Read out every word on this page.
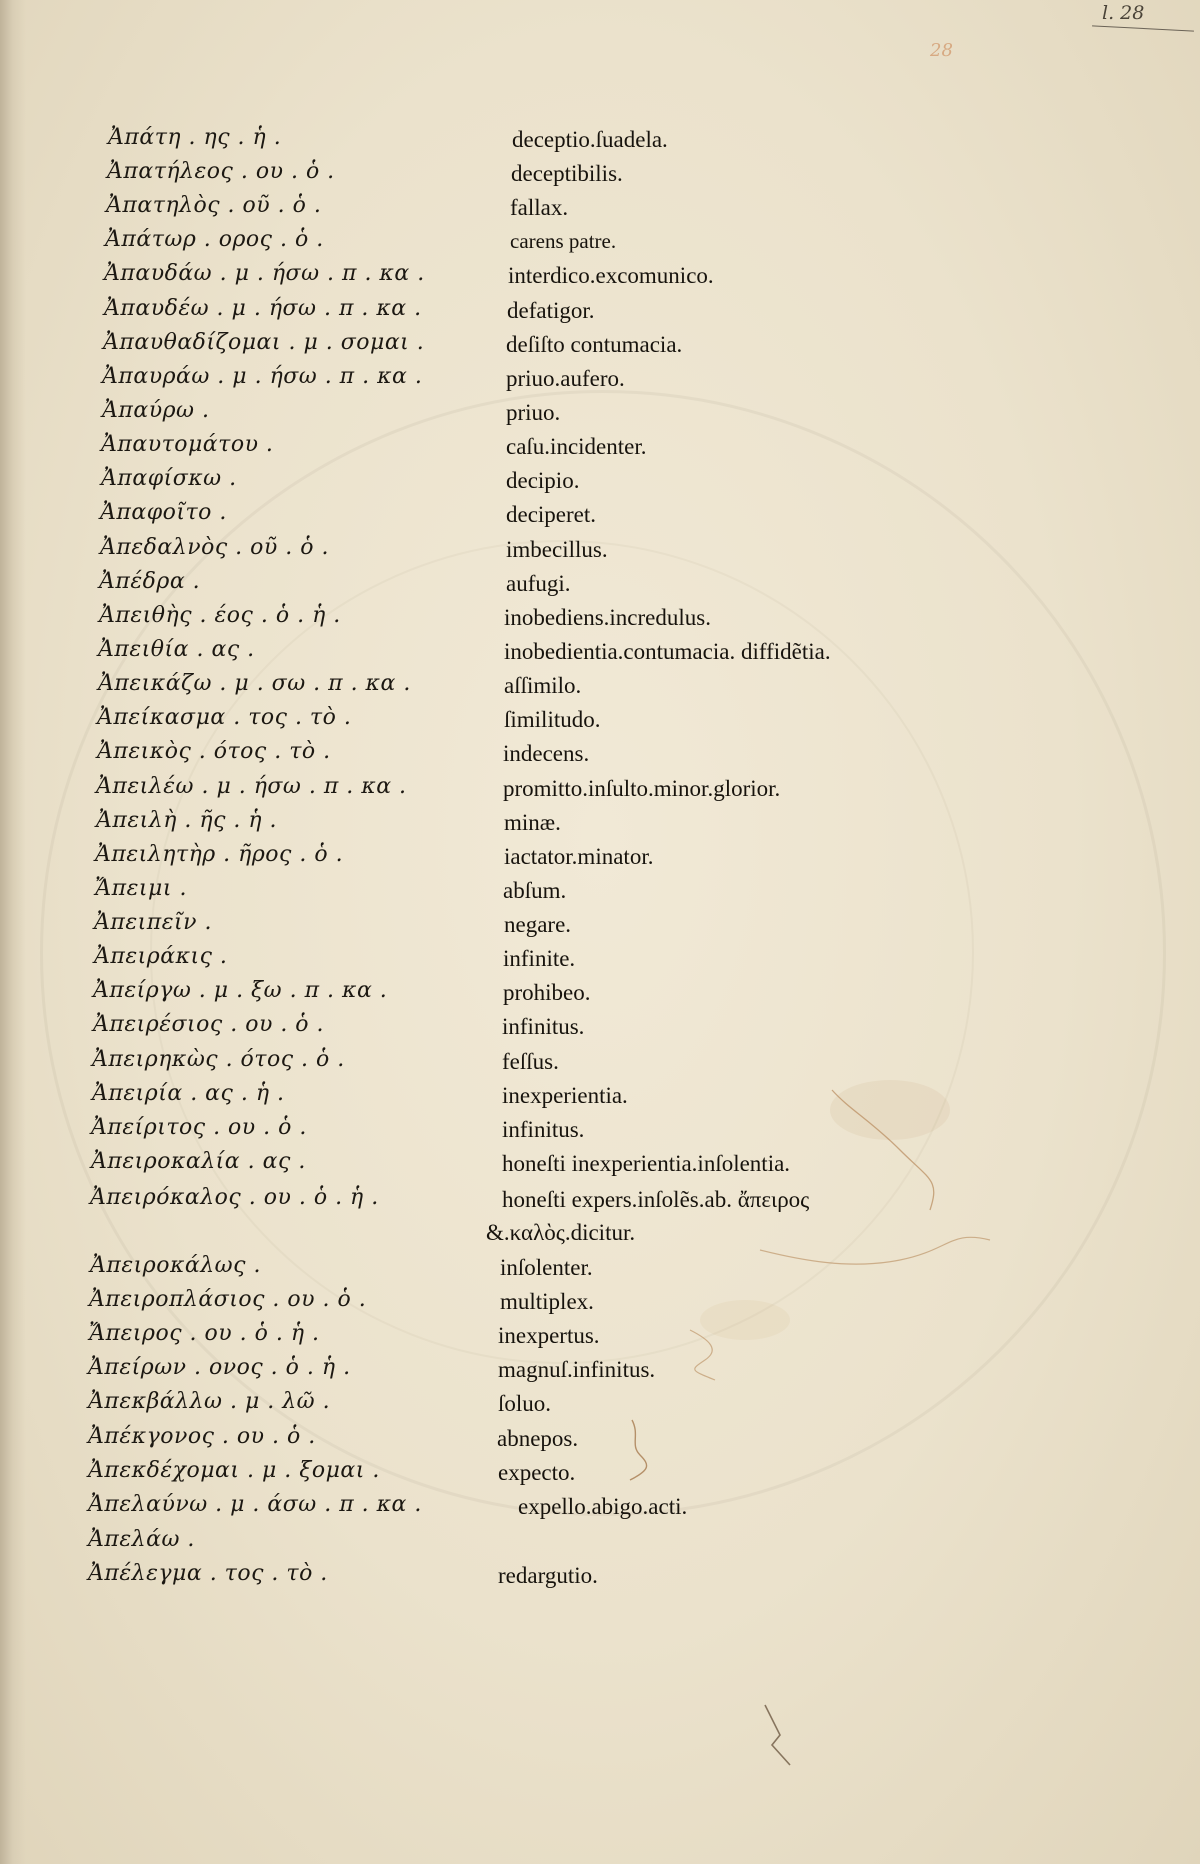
l. 28
28
Ἀπάτη . ης . ἡ .	deceptio.ſuadela.
Ἀπατήλεος . ου . ὁ .	deceptibilis.
Ἀπατηλὸς . οῦ . ὁ .	fallax.
Ἀπάτωρ . ορος . ὁ .	carens patre.
Ἀπαυδάω . μ . ήσω . π . κα .	interdico.excomunico.
Ἀπαυδέω . μ . ήσω . π . κα .	defatigor.
Ἀπαυθαδίζομαι . μ . σομαι .	deſiſto contumacia.
Ἀπαυράω . μ . ήσω . π . κα .	priuo.aufero.
Ἀπαύρω .	priuo.
Ἀπαυτομάτου .	caſu.incidenter.
Ἀπαφίσκω .	decipio.
Ἀπαφοῖτο .	deciperet.
Ἀπεδαλνὸς . οῦ . ὁ .	imbecillus.
Ἀπέδρα .	aufugi.
Ἀπειθὴς . έος . ὁ . ἡ .	inobediens.incredulus.
Ἀπειθία . ας .	inobedientia.contumacia. diffidẽtia.
Ἀπεικάζω . μ . σω . π . κα .	aſſimilo.
Ἀπείκασμα . τος . τὸ .	ſimilitudo.
Ἀπεικὸς . ότος . τὸ .	indecens.
Ἀπειλέω . μ . ήσω . π . κα .	promitto.inſulto.minor.glorior.
Ἀπειλὴ . ῆς . ἡ .	minæ.
Ἀπειλητὴρ . ῆρος . ὁ .	iactator.minator.
Ἄπειμι .	abſum.
Ἀπειπεῖν .	negare.
Ἀπειράκις .	infinite.
Ἀπείργω . μ . ξω . π . κα .	prohibeo.
Ἀπειρέσιος . ου . ὁ .	infinitus.
Ἀπειρηκὼς . ότος . ὁ .	feſſus.
Ἀπειρία . ας . ἡ .	inexperientia.
Ἀπείριτος . ου . ὁ .	infinitus.
Ἀπειροκαλία . ας .	honeſti inexperientia.inſolentia.
Ἀπειρόκαλος . ου . ὁ . ἡ .	honeſti expers.inſolẽs.ab. ἄπειρος
&.καλὸς.dicitur.
Ἀπειροκάλως .	inſolenter.
Ἀπειροπλάσιος . ου . ὁ .	multiplex.
Ἄπειρος . ου . ὁ . ἡ .	inexpertus.
Ἀπείρων . ονος . ὁ . ἡ .	magnuſ.infinitus.
Ἀπεκβάλλω . μ . λῶ .	ſoluo.
Ἀπέκγονος . ου . ὁ .	abnepos.
Ἀπεκδέχομαι . μ . ξομαι .	expecto.
Ἀπελαύνω . μ . άσω . π . κα .	expello.abigo.acti.
Ἀπελάω .
Ἀπέλεγμα . τος . τὸ .	redargutio.
